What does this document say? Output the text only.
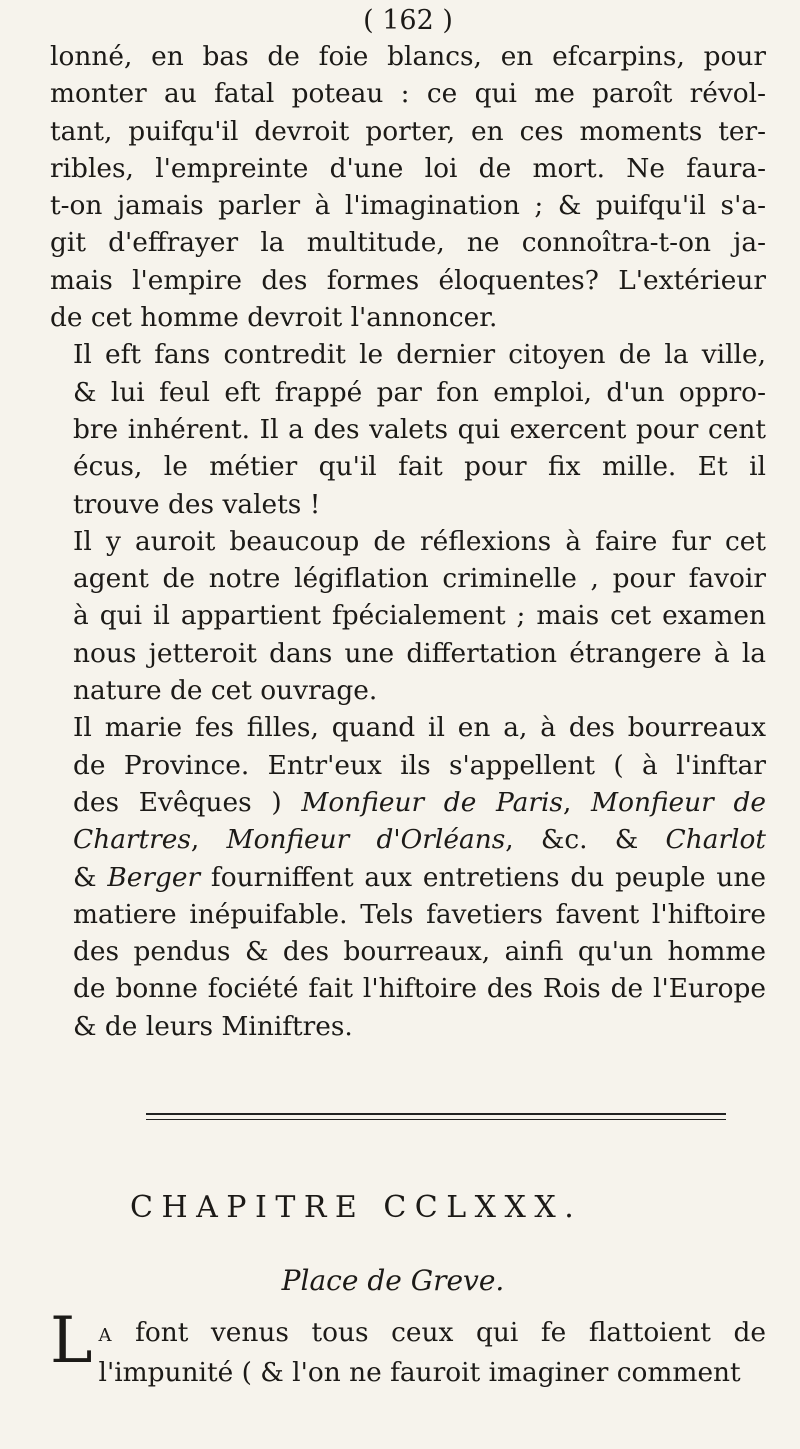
( 162 )
lonné, en bas de foie blancs, en efcarpins, pour
monter au fatal poteau : ce qui me paroît révol-
tant, puifqu'il devroit porter, en ces moments ter-
ribles, l'empreinte d'une loi de mort. Ne faura-
t-on jamais parler à l'imagination ; & puifqu'il s'a-
git d'effrayer la multitude, ne connoîtra-t-on ja-
mais l'empire des formes éloquentes? L'extérieur
de cet homme devroit l'annoncer.
Il eft fans contredit le dernier citoyen de la ville,
& lui feul eft frappé par fon emploi, d'un oppro-
bre inhérent. Il a des valets qui exercent pour cent
écus, le métier qu'il fait pour fix mille. Et il
trouve des valets !
Il y auroit beaucoup de réflexions à faire fur cet
agent de notre légiflation criminelle , pour favoir
à qui il appartient fpécialement ; mais cet examen
nous jetteroit dans une differtation étrangere à la
nature de cet ouvrage.
Il marie fes filles, quand il en a, à des bourreaux
de Province. Entr'eux ils s'appellent ( à l'inftar
des Evêques ) Monfieur de Paris, Monfieur de
Chartres, Monfieur d'Orléans, &c. & Charlot
& Berger fourniffent aux entretiens du peuple une
matiere inépuifable. Tels favetiers favent l'hiftoire
des pendus & des bourreaux, ainfi qu'un homme
de bonne fociété fait l'hiftoire des Rois de l'Europe
& de leurs Miniftres.
CHAPITRE CCLXXX.
Place de Greve.
L A font venus tous ceux qui fe flattoient de
l'impunité ( & l'on ne fauroit imaginer comment
